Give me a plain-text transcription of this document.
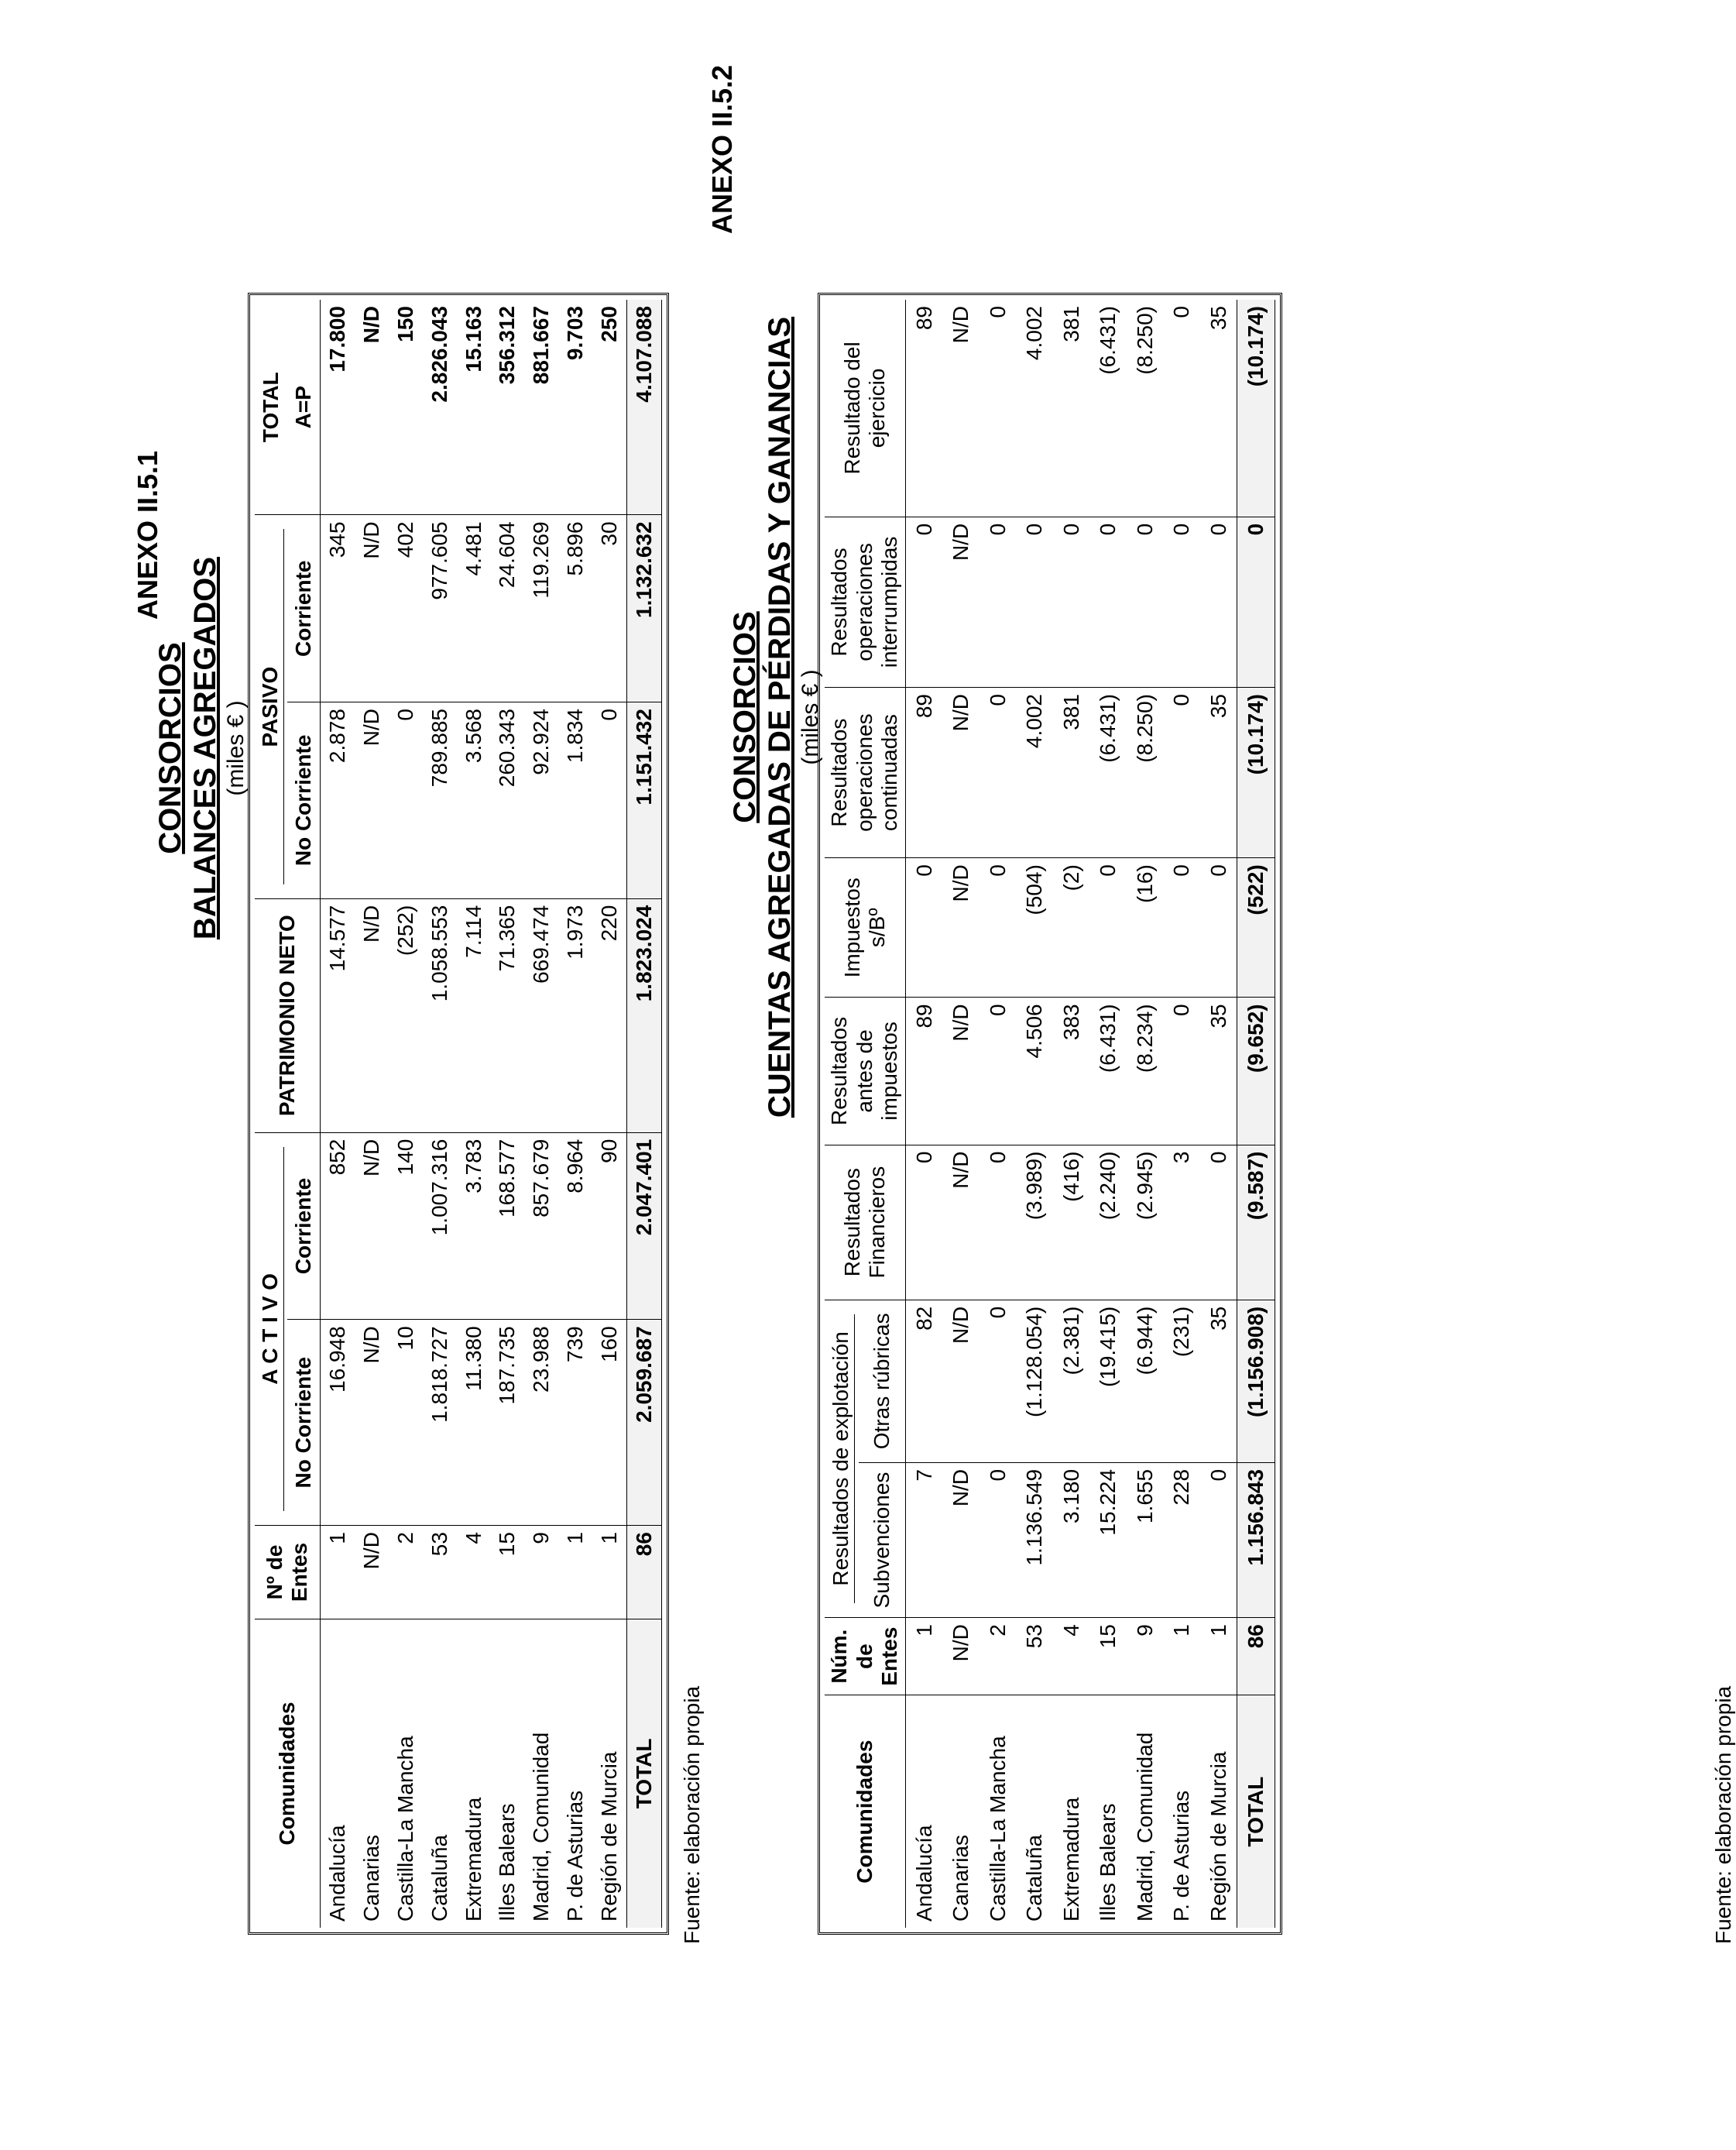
ANEXO II.5.1
ANEXO II.5.2
CONSORCIOS BALANCES AGREGADOS (miles € )
Comunidades	Nº de Entes	A C T I V O		PATRIMONIO NETO	PASIVO		TOTAL
		No Corriente	Corriente		No Corriente	Corriente	A=P
Andalucía	1	16.948	852	14.577	2.878	345	17.800
Canarias	N/D	N/D	N/D	N/D	N/D	N/D	N/D
Castilla-La Mancha	2	10	140	(252)	0	402	150
Cataluña	53	1.818.727	1.007.316	1.058.553	789.885	977.605	2.826.043
Extremadura	4	11.380	3.783	7.114	3.568	4.481	15.163
Illes Balears	15	187.735	168.577	71.365	260.343	24.604	356.312
Madrid, Comunidad	9	23.988	857.679	669.474	92.924	119.269	881.667
P. de Asturias	1	739	8.964	1.973	1.834	5.896	9.703
Región de Murcia	1	160	90	220	0	30	250
TOTAL	86	2.059.687	2.047.401	1.823.024	1.151.432	1.132.632	4.107.088
Fuente: elaboración propia
CONSORCIOS CUENTAS AGREGADAS DE PÉRDIDAS Y GANANCIAS (miles € )
Comunidades	Núm. de Entes	Resultados de explotación		Resultados Financieros	Resultados antes de impuestos	Impuestos s/Bº	Resultados operaciones continuadas	Resultados operaciones interrumpidas	Resultado del ejercicio
		Subvenciones	Otras rúbricas						
Andalucía	1	7	82	0	89	0	89	0	89
Canarias	N/D	N/D	N/D	N/D	N/D	N/D	N/D	N/D	N/D
Castilla-La Mancha	2	0	0	0	0	0	0	0	0
Cataluña	53	1.136.549	(1.128.054)	(3.989)	4.506	(504)	4.002	0	4.002
Extremadura	4	3.180	(2.381)	(416)	383	(2)	381	0	381
Illes Balears	15	15.224	(19.415)	(2.240)	(6.431)	0	(6.431)	0	(6.431)
Madrid, Comunidad	9	1.655	(6.944)	(2.945)	(8.234)	(16)	(8.250)	0	(8.250)
P. de Asturias	1	228	(231)	3	0	0	0	0	0
Región de Murcia	1	0	35	0	35	0	35	0	35
TOTAL	86	1.156.843	(1.156.908)	(9.587)	(9.652)	(522)	(10.174)	0	(10.174)
Fuente: elaboración propia
